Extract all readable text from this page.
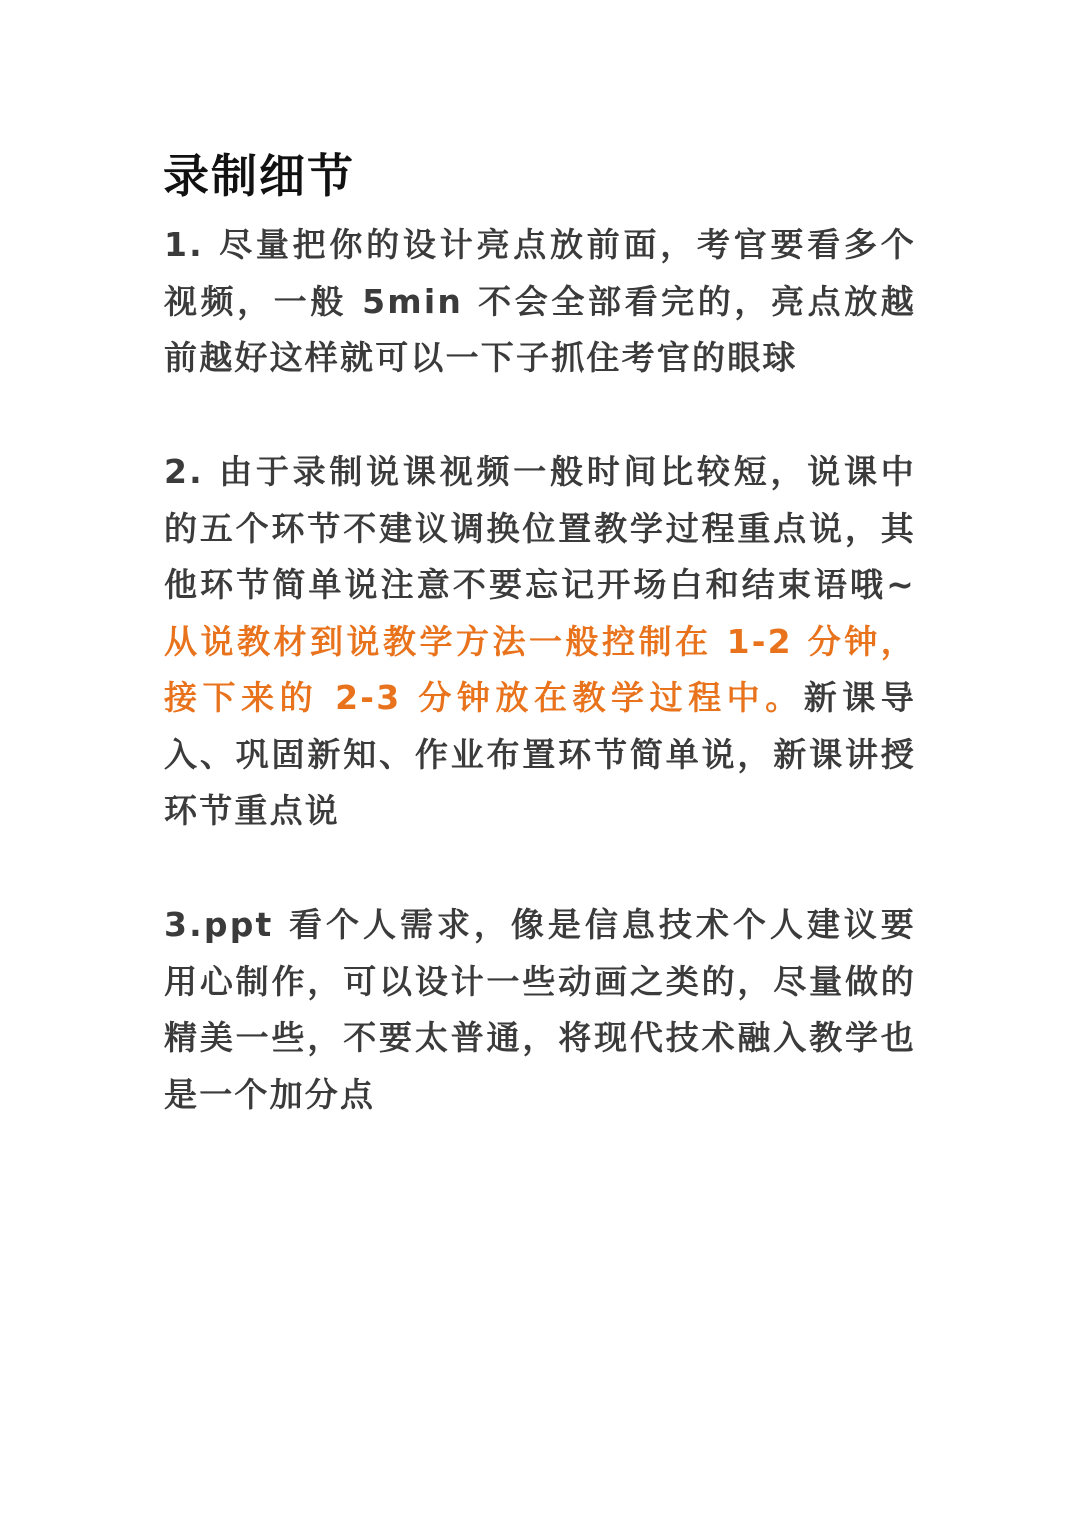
录制细节

1. 尽量把你的设计亮点放前面，考官要看多个视频，一般 5min 不会全部看完的，亮点放越前越好这样就可以一下子抓住考官的眼球

2. 由于录制说课视频一般时间比较短，说课中的五个环节不建议调换位置教学过程重点说，其他环节简单说注意不要忘记开场白和结束语哦~从说教材到说教学方法一般控制在 1-2 分钟，接下来的 2-3 分钟放在教学过程中。新课导入、巩固新知、作业布置环节简单说，新课讲授环节重点说

3.ppt 看个人需求，像是信息技术个人建议要用心制作，可以设计一些动画之类的，尽量做的精美一些，不要太普通，将现代技术融入教学也是一个加分点
